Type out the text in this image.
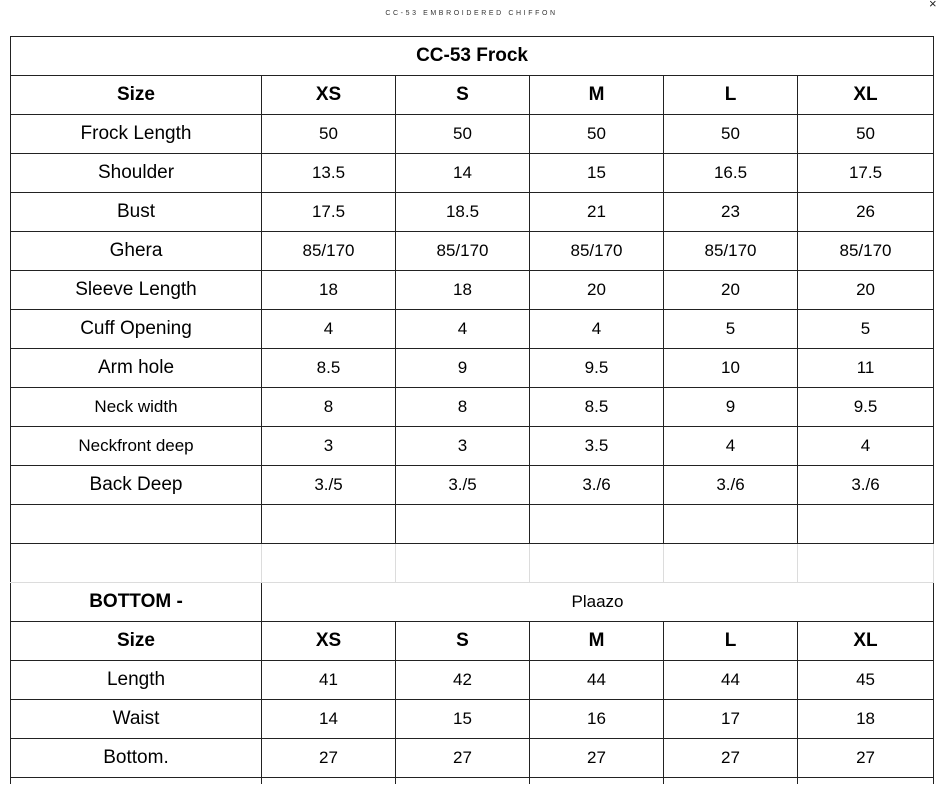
CC-53 EMBROIDERED CHIFFON
×
CC-53 Frock					
Size	XS	S	M	L	XL
Frock Length	50	50	50	50	50
Shoulder	13.5	14	15	16.5	17.5
Bust	17.5	18.5	21	23	26
Ghera	85/170	85/170	85/170	85/170	85/170
Sleeve Length	18	18	20	20	20
Cuff Opening	4	4	4	5	5
Arm hole	8.5	9	9.5	10	11
Neck width	8	8	8.5	9	9.5
Neckfront deep	3	3	3.5	4	4
Back Deep	3./5	3./5	3./6	3./6	3./6

BOTTOM -	Plaazo				
Size	XS	S	M	L	XL
Length	41	42	44	44	45
Waist	14	15	16	17	18
Bottom.	27	27	27	27	27
